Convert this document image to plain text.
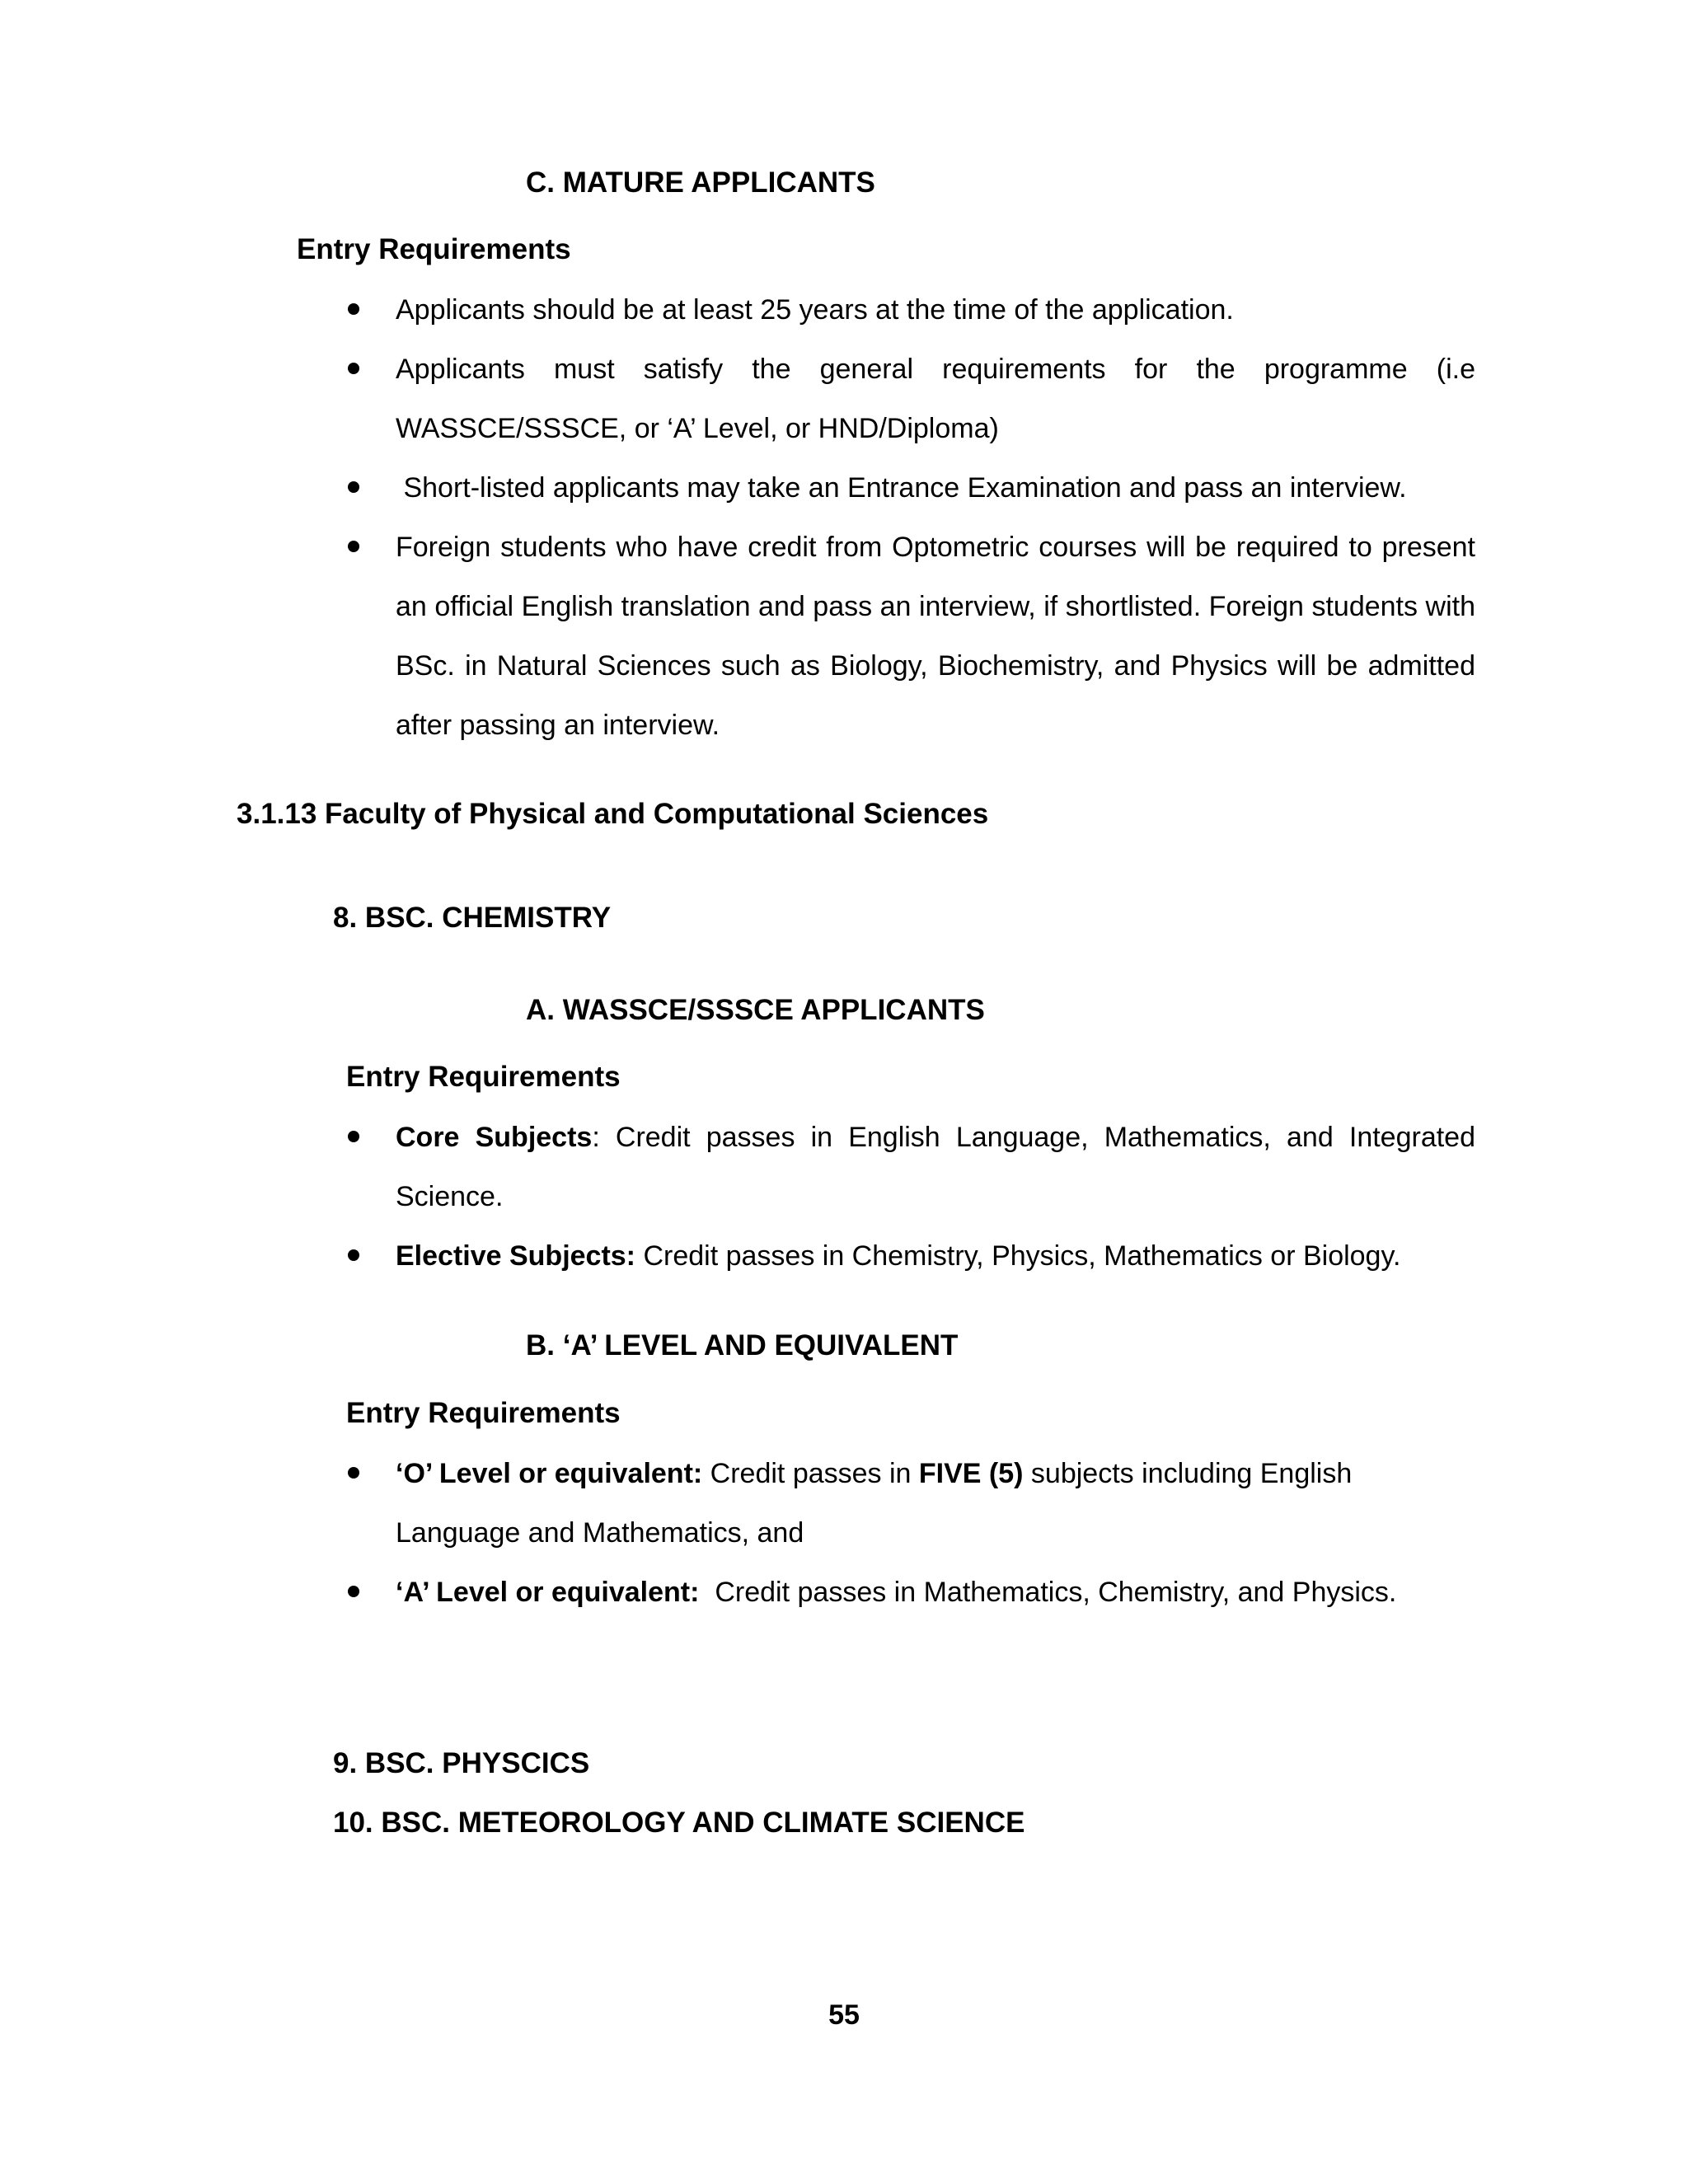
C. MATURE APPLICANTS
Entry Requirements
Applicants should be at least 25 years at the time of the application.
Applicants must satisfy the general requirements for the programme (i.e WASSCE/SSSCE, or ‘A’ Level, or HND/Diploma)
Short-listed applicants may take an Entrance Examination and pass an interview.
Foreign students who have credit from Optometric courses will be required to present an official English translation and pass an interview, if shortlisted. Foreign students with BSc. in Natural Sciences such as Biology, Biochemistry, and Physics will be admitted after passing an interview.
3.1.13 Faculty of Physical and Computational Sciences
8. BSC. CHEMISTRY
A. WASSCE/SSSCE APPLICANTS
Entry Requirements
Core Subjects: Credit passes in English Language, Mathematics, and Integrated Science.
Elective Subjects: Credit passes in Chemistry, Physics, Mathematics or Biology.
B. ‘A’ LEVEL AND EQUIVALENT
Entry Requirements
‘O’ Level or equivalent: Credit passes in FIVE (5) subjects including English Language and Mathematics, and
‘A’ Level or equivalent:  Credit passes in Mathematics, Chemistry, and Physics.
9. BSC. PHYSCICS
10. BSC. METEOROLOGY AND CLIMATE SCIENCE
55
